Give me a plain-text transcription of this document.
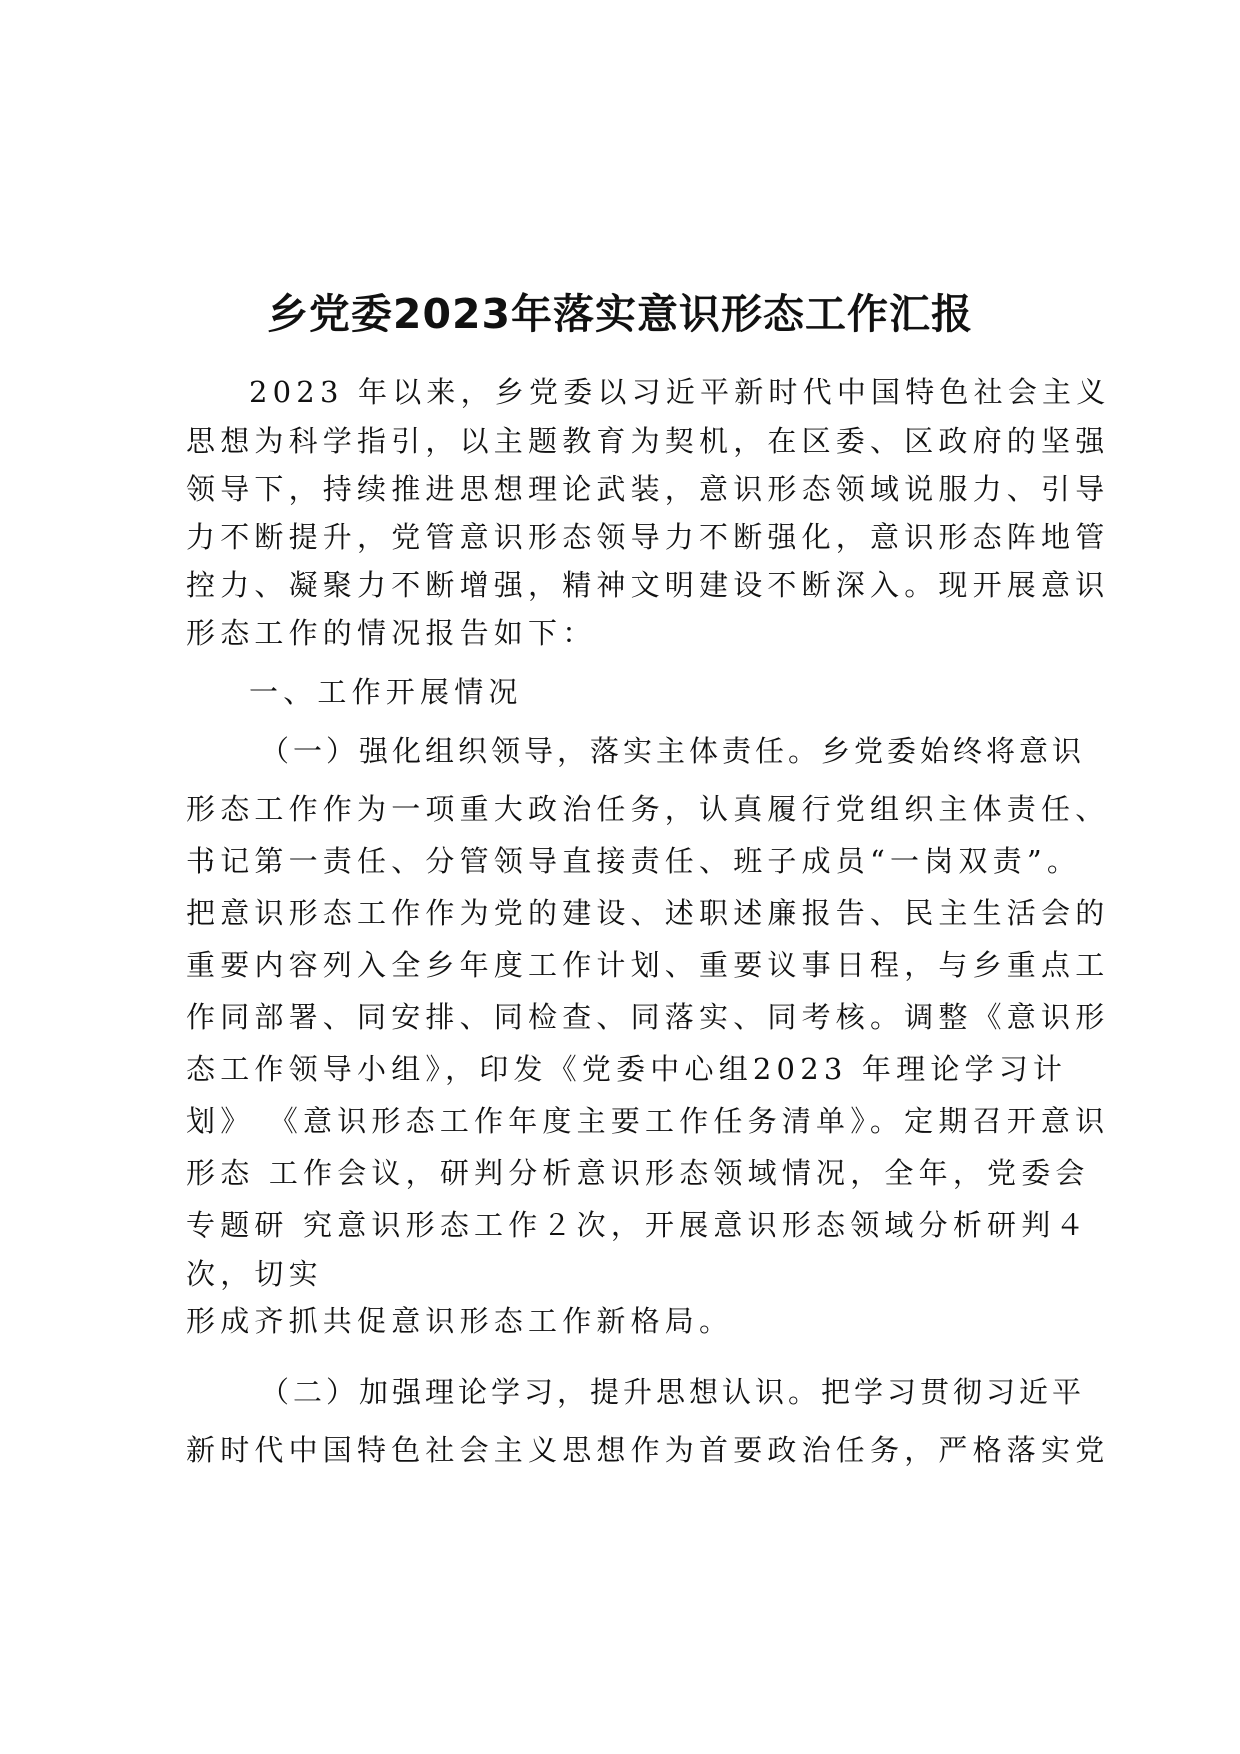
乡党委2023年落实意识形态工作汇报
2023 年以来，乡党委以习近平新时代中国特色社会主义
思想为科学指引，以主题教育为契机，在区委、区政府的坚强
领导下，持续推进思想理论武装，意识形态领域说服力、引导
力不断提升，党管意识形态领导力不断强化，意识形态阵地管
控力、凝聚力不断增强，精神文明建设不断深入。现开展意识
形态工作的情况报告如下：
一、工作开展情况
（一）强化组织领导，落实主体责任。乡党委始终将意识
形态工作作为一项重大政治任务，认真履行党组织主体责任、
书记第一责任、分管领导直接责任、班子成员“一岗双责”。
把意识形态工作作为党的建设、述职述廉报告、民主生活会的
重要内容列入全乡年度工作计划、重要议事日程，与乡重点工
作同部署、同安排、同检查、同落实、同考核。调整《意识形
态工作领导小组》，印发《党委中心组2023 年理论学习计
划》 《意识形态工作年度主要工作任务清单》。定期召开意识
形态 工作会议，研判分析意识形态领域情况，全年，党委会
专题研 究意识形态工作２次，开展意识形态领域分析研判４
次，切实
形成齐抓共促意识形态工作新格局。
（二）加强理论学习，提升思想认识。把学习贯彻习近平
新时代中国特色社会主义思想作为首要政治任务，严格落实党
